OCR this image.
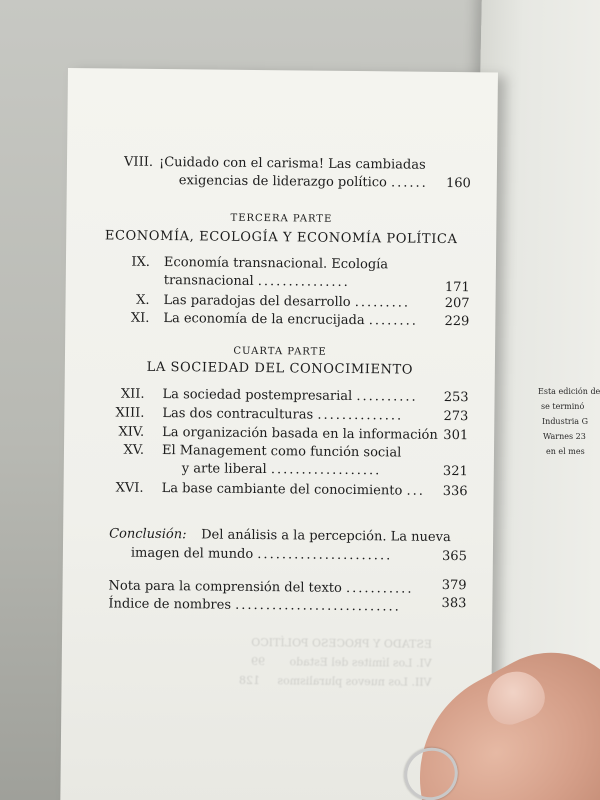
Esta edición de
se terminó
Industria G
Warnes 23
en el mes
ESTADO Y PROCESO POLÍTICO
VI. Los límites del Estado       99
VII. Los nuevos pluralismos     128
VIII. ¡Cuidado con el carisma! Las cambiadas
exigencias de liderazgo político ...... 160
TERCERA PARTE
ECONOMÍA, ECOLOGÍA Y ECONOMÍA POLÍTICA
IX. Economía transnacional. Ecología
transnacional ...............	171
X. Las paradojas del desarrollo .........	207
XI. La economía de la encrucijada ........ 229
CUARTA PARTE
LA SOCIEDAD DEL CONOCIMIENTO
XII. La sociedad postempresarial .......... 253
XIII. Las dos contraculturas ..............	273
XIV. La organización basada en la información 301
XV. El Management como función social
y arte liberal ..................	321
XVI. La base cambiante del conocimiento ... 336
Conclusión: Del análisis a la percepción. La nueva
imagen del mundo ......................	365
Nota para la comprensión del texto ........... 379
Índice de nombres ...........................	383
